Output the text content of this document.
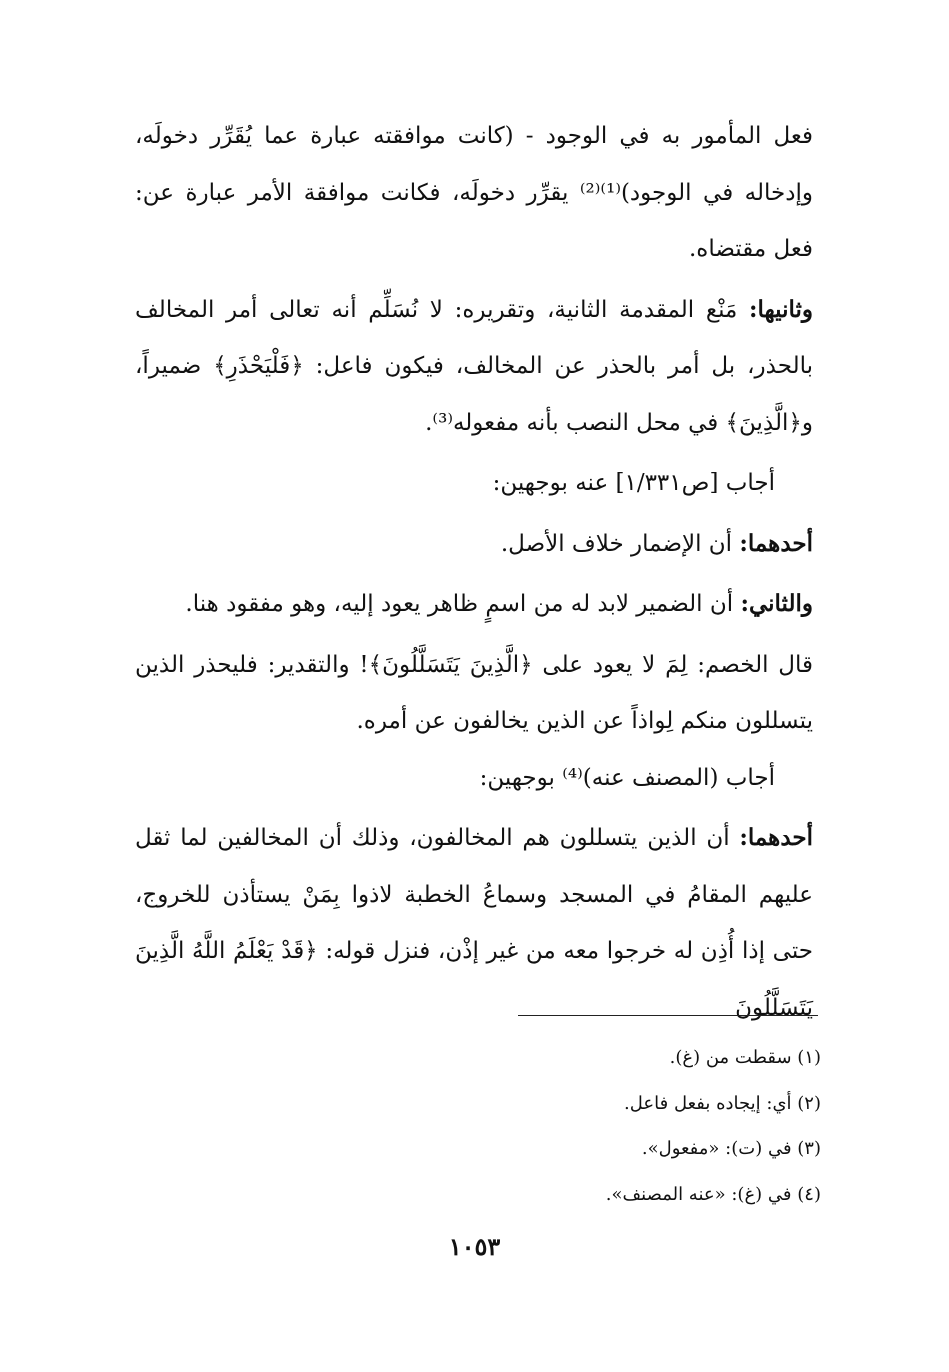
فعل المأمور به في الوجود - (كانت موافقته عبارة عما يُقَرِّر دخولَه، وإدخاله في الوجود)⁽¹⁾⁽²⁾ يقرِّر دخولَه، فكانت موافقة الأمر عبارة عن: فعل مقتضاه.

وثانيها: مَنْع المقدمة الثانية، وتقريره: لا نُسَلِّم أنه تعالى أمر المخالف بالحذر، بل أمر بالحذر عن المخالف، فيكون فاعل: ﴿فَلْيَحْذَرِ﴾ ضميراً، و﴿الَّذِينَ﴾ في محل النصب بأنه مفعوله⁽³⁾.

أجاب [ص١/٣٣١] عنه بوجهين:

أحدهما: أن الإضمار خلاف الأصل.

والثاني: أن الضمير لابد له من اسمٍ ظاهر يعود إليه، وهو مفقود هنا.

قال الخصم: لِمَ لا يعود على ﴿الَّذِينَ يَتَسَلَّلُونَ﴾! والتقدير: فليحذر الذين يتسللون منكم لِواذاً عن الذين يخالفون عن أمره.

أجاب (المصنف عنه)⁽⁴⁾ بوجهين:

أحدهما: أن الذين يتسللون هم المخالفون، وذلك أن المخالفين لما ثقل عليهم المقامُ في المسجد وسماعُ الخطبة لاذوا بِمَنْ يستأذن للخروج، حتى إذا أُذِن له خرجوا معه من غير إذْن، فنزل قوله: ﴿قَدْ يَعْلَمُ اللَّهُ الَّذِينَ يَتَسَلَّلُونَ

(١) سقطت من (غ).

(٢) أي: إيجاده بفعل فاعل.

(٣) في (ت): «مفعول».

(٤) في (غ): «عنه المصنف».

١٠٥٣
